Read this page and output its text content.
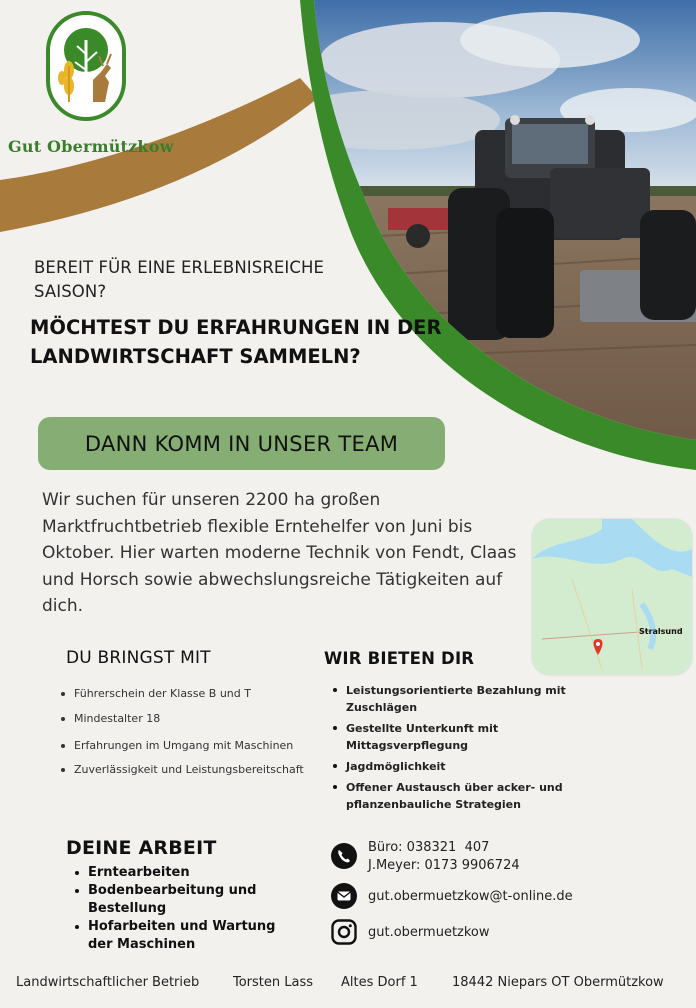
Gut Obermützkow
BEREIT FÜR EINE ERLEBNISREICHE SAISON?
MÖCHTEST DU ERFAHRUNGEN IN DER LANDWIRTSCHAFT SAMMELN?
DANN KOMM IN UNSER TEAM
Wir suchen für unseren 2200 ha großen Marktfruchtbetrieb flexible Erntehelfer von Juni bis Oktober. Hier warten moderne Technik von Fendt, Claas und Horsch sowie abwechslungsreiche Tätigkeiten auf dich.
Stralsund
DU BRINGST MIT
Führerschein der Klasse B und T
Mindestalter 18
Erfahrungen im Umgang mit Maschinen
Zuverlässigkeit und Leistungsbereitschaft
WIR BIETEN DIR
Leistungsorientierte Bezahlung mit Zuschlägen
Gestellte Unterkunft mit Mittagsverpflegung
Jagdmöglichkeit
Offener Austausch über acker- und pflanzenbauliche Strategien
DEINE ARBEIT
Erntearbeiten
Bodenbearbeitung und Bestellung
Hofarbeiten und Wartung der Maschinen
Büro: 038321  407
J.Meyer: 0173 9906724
gut.obermuetzkow@t-online.de
gut.obermuetzkow
Landwirtschaftlicher Betrieb	Torsten Lass Altes Dorf 1	18442 Niepars OT Obermützkow
